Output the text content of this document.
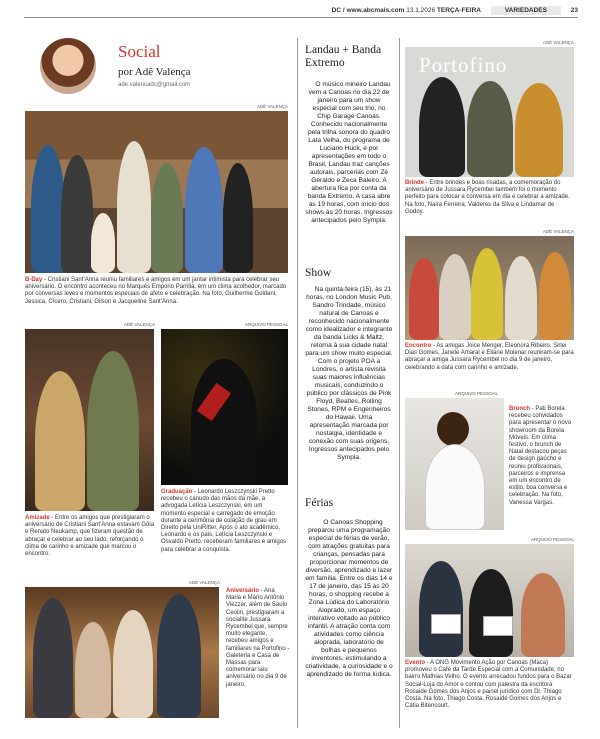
DC / www.abcmais.com 13.1.2026 TERÇA-FEIRA	VARIEDADES	23
Social
por Adê Valença
ade.valencadc@gmail.com
ADÊ VALENÇA
B-Day - Cristiani SantʼAnna reuniu familiares e amigos em um jantar intimista para celebrar seu aniversário. O encontro aconteceu no Marquês Empório Parrilla, em um clima acolhedor, marcado por conversas leves e momentos especiais de afeto e celebração. Na foto, Guilherme Goldani, Jessica, Cícero, Cristiani, Gilson e Jacqueline SantʼAnna.
ADÊ VALENÇA
Amizade - Entre os amigos que prestigiaram o aniversário de Cristiani SantʼAnna estavam Gôia e Renato Neukamp, que fizeram questão de abraçar e celebrar ao seu lado, reforçando o clima de carinho e amizade que marcou o encontro.
ARQUIVO PESSOAL
Graduação - Leonardo Leszczynski Pretto recebeu o canudo das mãos da mãe, a advogada Letícia Leszczynski, em um momento especial e carregado de emoção durante a cerimônia de colação de grau em Direito pela UniRitter. Após o ato acadêmico, Leonardo e os pais, Letícia Leszczynski e Osvaldo Pretto, receberam familiares e amigos para celebrar a conquista.
ADÊ VALENÇA
Aniversário - Ana Maria e Mário Antônio Viezzer, além de Saulo Ceolin, prestigiaram a socialite Jussara Rycembel que, sempre muito elegante, recebeu amigos e familiares na Portofino - Galeteria e Casa de Massas para comemorar seu aniversário no dia 9 de janeiro.
Landau + Banda Extremo
O músico mineiro Landau vem a Canoas no dia 22 de janeiro para um show especial com seu trio, no Chip Garage Canoas. Conhecido nacionalmente pela trilha sonora do quadro Lata Velha, do programa de Luciano Huck, e por apresentações em todo o Brasil, Landau traz canções autorais, parcerias com Zé Geraldo e Zeca Baleiro. A abertura fica por conta da banda Extremo. A casa abre às 19 horas, com início dos shows às 20 horas. Ingressos antecipados pelo Sympla.
Show
Na quinta-feira (15), às 21 horas, no London Music Pub, Sandro Trindade, músico natural de Canoas e reconhecido nacionalmente como idealizador e integrante da banda Licks & Maltz, retorna à sua cidade natal para um show muito especial. Com o projeto POA a Londres, o artista revisita suas maiores influências musicais, conduzindo o público por clássicos de Pink Floyd, Beatles, Rolling Stones, RPM e Engenheiros do Hawaii. Uma apresentação marcada por nostalgia, identidade e conexão com suas origens. Ingressos antecipados pelo Sympla.
Férias
O Canoas Shopping preparou uma programação especial de férias de verão, com atrações gratuitas para crianças, pensadas para proporcionar momentos de diversão, aprendizado e lazer em família. Entre os dias 14 e 17 de janeiro, das 15 às 20 horas, o shopping recebe a Zona Lúdica do Laboratório Aloprado, um espaço interativo voltado ao público infantil. A atração conta com atividades como ciência aloprada, laboratório de bolhas e pequenos inventores, estimulando a criatividade, a curiosidade e o aprendizado de forma lúdica.
ADÊ VALENÇA
Portofino
Brinde - Entre brindes e boas risadas, a comemoração do aniversário de Jussara Rycembel também foi o momento perfeito para colocar a conversa em dia e celebrar a amizade. Na foto, Naira Ferreira, Valderes da Silva e Lindamar de Godoy.
ADÊ VALENÇA
Encontro - As amigas Joice Menger, Eleonora Ribeiro, Sirlei Dias Gomes, Janete Amaral e Eliane Molenar reuniram-se para abraçar a amiga Jussara Rycembel no dia 9 de janeiro, celebrando a data com carinho e amizade.
ARQUIVO PESSOAL
Brunch - Pati Borela recebeu convidados para apresentar o novo showroom da Borela Móveis. Em clima festivo, o brunch de Natal destacou peças de design gaúcho e reuniu profissionais, parceiros e imprensa em um encontro de estilo, boa conversa e celebração. Na foto, Vanessa Vargas.
ARQUIVO PESSOAL
Evento - A ONG Movimento Ação por Canoas (Maca) promoveu o Café da Tarde Especial com a Comunidade, no bairro Mathias Velho. O evento arrecadou fundos para o Bazar Social-Loja do Amor e contou com palestra da escritora Rosaide Gomes dos Anjos e painel jurídico com Dr. Thiago Costa. Na foto, Thiago Costa, Rosaide Gomes dos Anjos e Cátia Bitencourt.
